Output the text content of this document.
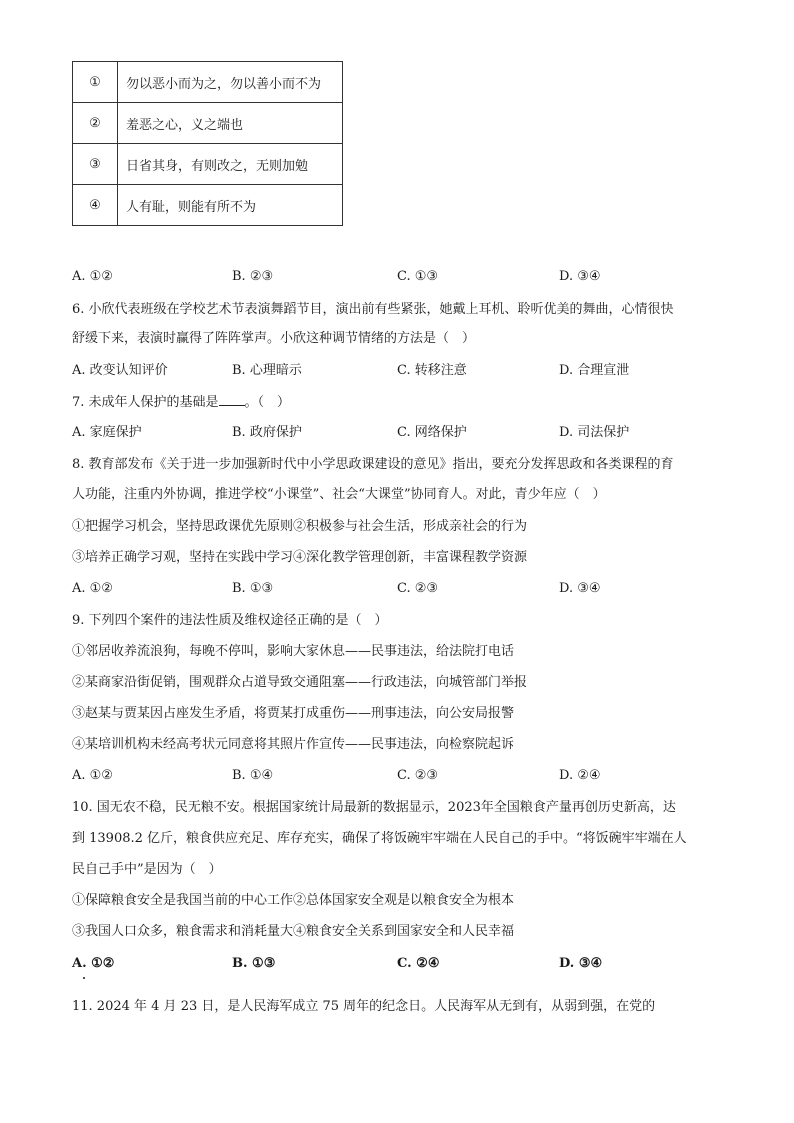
①	勿以恶小而为之，勿以善小而不为
②	羞恶之心，义之端也
③	日省其身，有则改之，无则加勉
④	人有耻，则能有所不为
A. ①②	B. ②③	C. ①③	D. ③④
6. 小欣代表班级在学校艺术节表演舞蹈节目，演出前有些紧张，她戴上耳机、聆听优美的舞曲，心情很快
舒缓下来，表演时赢得了阵阵掌声。小欣这种调节情绪的方法是（　）
A. 改变认知评价	B. 心理暗示	C. 转移注意	D. 合理宣泄
7. 未成年人保护的基础是 。（　）
A. 家庭保护	B. 政府保护	C. 网络保护	D. 司法保护
8. 教育部发布《关于进一步加强新时代中小学思政课建设的意见》指出，要充分发挥思政和各类课程的育
人功能，注重内外协调，推进学校“小课堂”、社会“大课堂”协同育人。对此，青少年应（　）
①把握学习机会，坚持思政课优先原则②积极参与社会生活，形成亲社会的行为
③培养正确学习观，坚持在实践中学习④深化教学管理创新，丰富课程教学资源
A. ①②	B. ①③	C. ②③	D. ③④
9. 下列四个案件的违法性质及维权途径正确的是（　）
①邻居收养流浪狗，每晚不停叫，影响大家休息——民事违法，给法院打电话
②某商家沿街促销，围观群众占道导致交通阻塞——行政违法，向城管部门举报
③赵某与贾某因占座发生矛盾，将贾某打成重伤——刑事违法，向公安局报警
④某培训机构未经高考状元同意将其照片作宣传——民事违法，向检察院起诉
A. ①②	B. ①④	C. ②③	D. ②④
10. 国无农不稳，民无粮不安。根据国家统计局最新的数据显示，2023年全国粮食产量再创历史新高，达
到 13908.2 亿斤，粮食供应充足、库存充实，确保了将饭碗牢牢端在人民自己的手中。“将饭碗牢牢端在人
民自己手中”是因为（　）
①保障粮食安全是我国当前的中心工作②总体国家安全观是以粮食安全为根本
③我国人口众多，粮食需求和消耗量大④粮食安全关系到国家安全和人民幸福
A. ①②	B. ①③	C. ②④	D. ③④
11. 2024 年 4 月 23 日，是人民海军成立 75 周年的纪念日。人民海军从无到有，从弱到强，在党的
